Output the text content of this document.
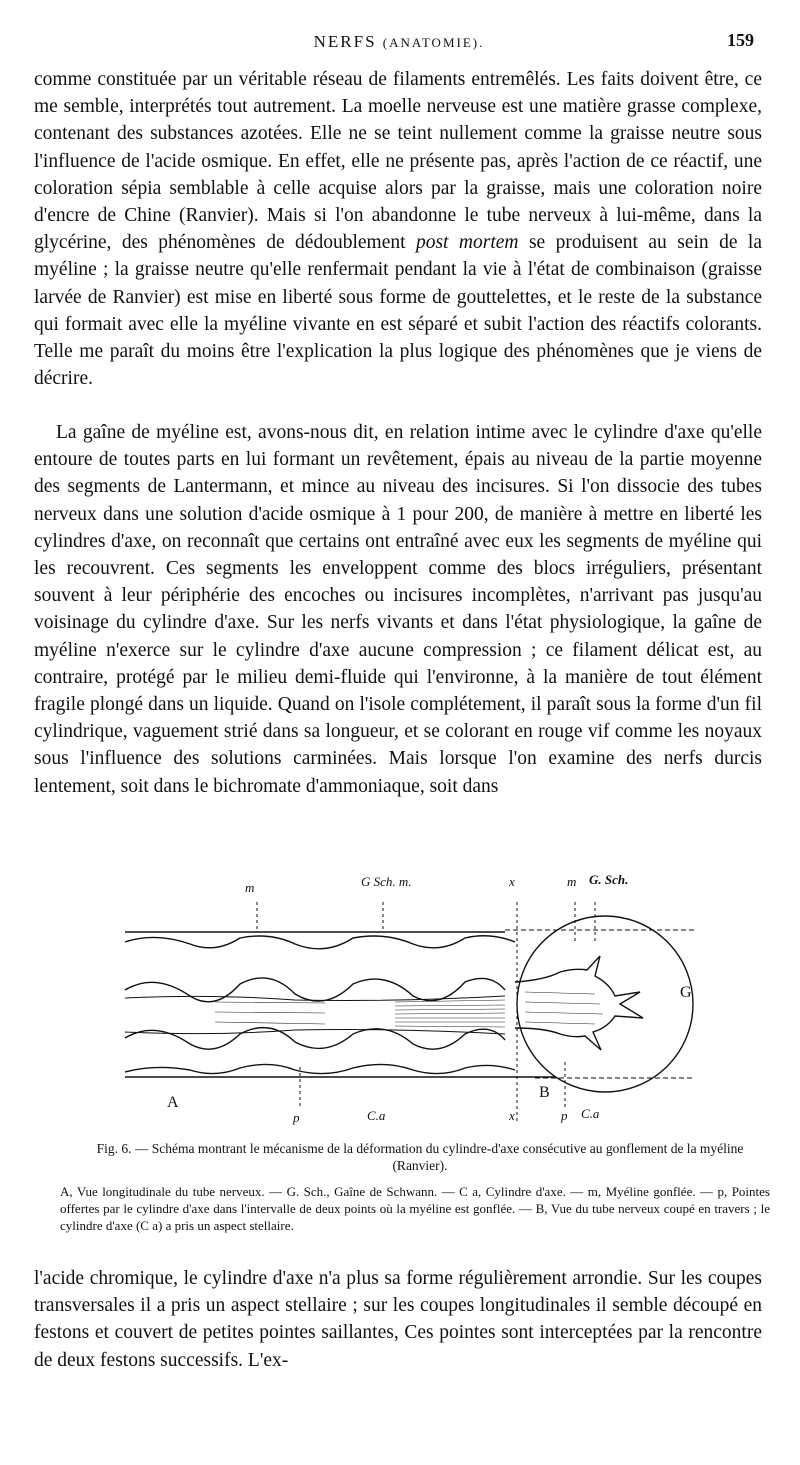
NERFS (ANATOMIE).	159

comme constituée par un véritable réseau de filaments entremêlés. Les faits doivent être, ce me semble, interprétés tout autrement. La moelle nerveuse est une matière grasse complexe, contenant des substances azotées. Elle ne se teint nullement comme la graisse neutre sous l'influence de l'acide osmique. En effet, elle ne présente pas, après l'action de ce réactif, une coloration sépia semblable à celle acquise alors par la graisse, mais une coloration noire d'encre de Chine (Ranvier). Mais si l'on abandonne le tube nerveux à lui-même, dans la glycérine, des phénomènes de dédoublement post mortem se produisent au sein de la myéline ; la graisse neutre qu'elle renfermait pendant la vie à l'état de combinaison (graisse larvée de Ranvier) est mise en liberté sous forme de gouttelettes, et le reste de la substance qui formait avec elle la myéline vivante en est séparé et subit l'action des réactifs colorants. Telle me paraît du moins être l'explication la plus logique des phénomènes que je viens de décrire.

La gaîne de myéline est, avons-nous dit, en relation intime avec le cylindre d'axe qu'elle entoure de toutes parts en lui formant un revêtement, épais au niveau de la partie moyenne des segments de Lantermann, et mince au niveau des incisures. Si l'on dissocie des tubes nerveux dans une solution d'acide osmique à 1 pour 200, de manière à mettre en liberté les cylindres d'axe, on reconnaît que certains ont entraîné avec eux les segments de myéline qui les recouvrent. Ces segments les enveloppent comme des blocs irréguliers, présentant souvent à leur périphérie des encoches ou incisures incomplètes, n'arrivant pas jusqu'au voisinage du cylindre d'axe. Sur les nerfs vivants et dans l'état physiologique, la gaîne de myéline n'exerce sur le cylindre d'axe aucune compression ; ce filament délicat est, au contraire, protégé par le milieu demi-fluide qui l'environne, à la manière de tout élément fragile plongé dans un liquide. Quand on l'isole complétement, il paraît sous la forme d'un fil cylindrique, vaguement strié dans sa longueur, et se colorant en rouge vif comme les noyaux sous l'influence des solutions carminées. Mais lorsque l'on examine des nerfs durcis lentement, soit dans le bichromate d'ammoniaque, soit dans

m	G Sch. m.	x	m G. Sch.
G
A
B
p	C.a	x	p C.a

Fig. 6. — Schéma montrant le mécanisme de la déformation du cylindre-d'axe consécutive au gonflement de la myéline (Ranvier).

A, Vue longitudinale du tube nerveux. — G. Sch., Gaîne de Schwann. — C a, Cylindre d'axe. — m, Myéline gonflée. — p, Pointes offertes par le cylindre d'axe dans l'intervalle de deux points où la myéline est gonflée. — B, Vue du tube nerveux coupé en travers ; le cylindre d'axe (C a) a pris un aspect stellaire.

l'acide chromique, le cylindre d'axe n'a plus sa forme régulièrement arrondie. Sur les coupes transversales il a pris un aspect stellaire ; sur les coupes longitudinales il semble découpé en festons et couvert de petites pointes saillantes, Ces pointes sont interceptées par la rencontre de deux festons successifs. L'ex-
